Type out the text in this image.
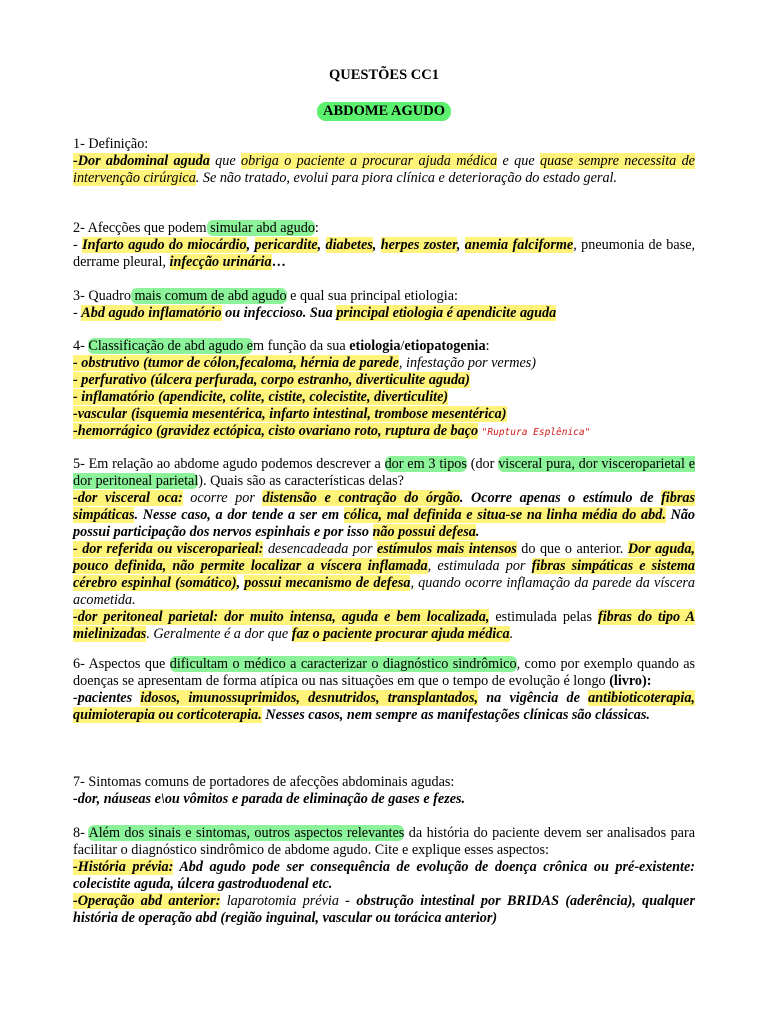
QUESTÕES CC1
ABDOME AGUDO

1- Definição:

-Dor abdominal aguda que obriga o paciente a procurar ajuda médica e que quase sempre necessita de intervenção cirúrgica. Se não tratado, evolui para piora clínica e deterioração do estado geral.

2- Afecções que podem simular abd agudo:

- Infarto agudo do miocárdio, pericardite, diabetes, herpes zoster, anemia falciforme, pneumonia de base, derrame pleural, infecção urinária…

3- Quadro mais comum de abd agudo e qual sua principal etiologia:

- Abd agudo inflamatório ou infeccioso. Sua principal etiologia é apendicite aguda

4- Classificação de abd agudo em função da sua etiologia/etiopatogenia:

- obstrutivo (tumor de cólon,fecaloma, hérnia de parede, infestação por vermes)

- perfurativo (úlcera perfurada, corpo estranho, diverticulite aguda)

- inflamatório (apendicite, colite, cistite, colecistite, diverticulite)

-vascular (isquemia mesentérica, infarto intestinal, trombose mesentérica)

-hemorrágico (gravidez ectópica, cisto ovariano roto, ruptura de baço "Ruptura Esplênica"

5- Em relação ao abdome agudo podemos descrever a dor em 3 tipos (dor visceral pura, dor visceroparietal e dor peritoneal parietal). Quais são as características delas?

-dor visceral oca: ocorre por distensão e contração do órgão. Ocorre apenas o estímulo de fibras simpáticas. Nesse caso, a dor tende a ser em cólica, mal definida e situa-se na linha média do abd. Não possui participação dos nervos espinhais e por isso não possui defesa.

- dor referida ou visceroparieal: desencadeada por estímulos mais intensos do que o anterior. Dor aguda, pouco definida, não permite localizar a víscera inflamada, estimulada por fibras simpáticas e sistema cérebro espinhal (somático), possui mecanismo de defesa, quando ocorre inflamação da parede da víscera acometida.

-dor peritoneal parietal: dor muito intensa, aguda e bem localizada, estimulada pelas fibras do tipo A mielinizadas. Geralmente é a dor que faz o paciente procurar ajuda médica.

6- Aspectos que dificultam o médico a caracterizar o diagnóstico sindrômico, como por exemplo quando as doenças se apresentam de forma atípica ou nas situações em que o tempo de evolução é longo (livro):

-pacientes idosos, imunossuprimidos, desnutridos, transplantados, na vigência de antibioticoterapia, quimioterapia ou corticoterapia. Nesses casos, nem sempre as manifestações clínicas são clássicas.

7- Sintomas comuns de portadores de afecções abdominais agudas:

-dor, náuseas e\ou vômitos e parada de eliminação de gases e fezes.

8- Além dos sinais e sintomas, outros aspectos relevantes da história do paciente devem ser analisados para facilitar o diagnóstico sindrômico de abdome agudo. Cite e explique esses aspectos:

-História prévia: Abd agudo pode ser consequência de evolução de doença crônica ou pré-existente: colecistite aguda, úlcera gastroduodenal etc.

-Operação abd anterior: laparotomia prévia - obstrução intestinal por BRIDAS (aderência), qualquer história de operação abd (região inguinal, vascular ou torácica anterior)
